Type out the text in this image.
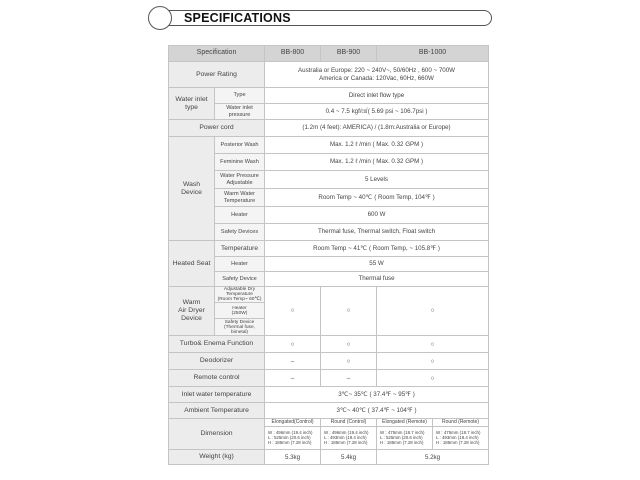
SPECIFICATIONS
Specification		BB-800	BB-900	BB-1000	
Power Rating		Australia or Europe: 220 ~ 240V~, 50/60Hz , 600 ~ 700W
America or Canada: 120Vac, 60Hz, 660W			

Water inlet type	Type	Direct inlet flow type			
	Water inlet pressure	0.4 ~ 7.5 kgf/㎠( 5.69 psi ~ 106.7psi )			
Power cord		(1.2m (4 feet): AMERICA) / (1.8m:Australia or Europe)			

Wash
Device	Posterior Wash	Max. 1.2 ℓ /min ( Max. 0.32 GPM )			
	Feminine Wash	Max. 1.2 ℓ /min ( Max. 0.32 GPM )			

	Water Pressure
Adjustable	5 Levels			

	Warm Water
Temperature	Room Temp ~ 40℃ ( Room Temp, 104℉ )			
	Heater	600 W			
	Safety Devices	Thermal fuse, Thermal switch, Float switch			
Heated Seat	Temperature	Room Temp ~ 41℃ ( Room Temp, ~ 105.8℉ )			
	Heater	55 W			
	Safety Device	Thermal fuse			

Warm
Air Dryer
Device	Adjustable Dry Temperature
(Room Temp~ 60℃)	○	○	○	

	Heater
(250W)				

	Safety Device
(Thermal fuse, bimetal)				

Turbo& Enema Function		○	○	○	
Deodorizer		–	○	○	
Remote control		–	–	○	
Inlet water temperature		3℃~ 35℃ ( 37.4℉ ~ 95℉ )			
Ambient Temperature		3℃~ 40℃ ( 37.4℉ ~ 104℉ )			
Dimension		Elongated(Control)	Round (Control)	Elongated (Remote)	Round (Remote)

		W : 496mm (19.4 inch)
L : 525mm (20.6 inch)
H : 185mm (7.28 inch)	W : 496mm (19.4 inch)
L : 493mm (19.4 inch)
H : 185mm (7.28 inch)	W : 475mm (18.7 inch)
L : 525mm (20.6 inch)
H : 185mm (7.28 inch)	W : 475mm (18.7 inch)
L : 493mm (19.4 inch)
H : 185mm (7.28 inch)

Weight (kg)		5.3kg	5.4kg	5.2kg	
